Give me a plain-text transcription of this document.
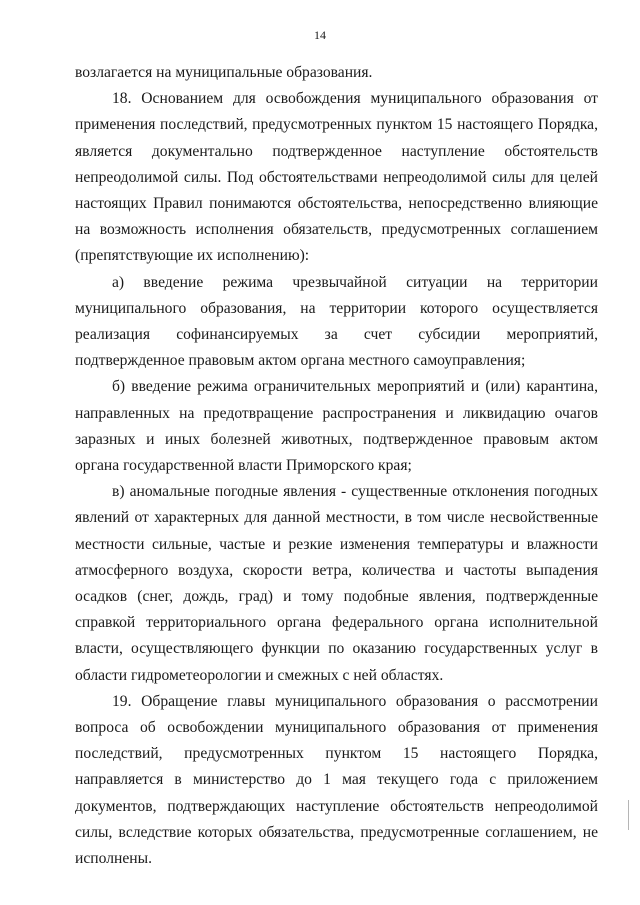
14

возлагается на муниципальные образования.

18. Основанием для освобождения муниципального образования от применения последствий, предусмотренных пунктом 15 настоящего Порядка, является документально подтвержденное наступление обстоятельств непреодолимой силы. Под обстоятельствами непреодолимой силы для целей настоящих Правил понимаются обстоятельства, непосредственно влияющие на возможность исполнения обязательств, предусмотренных соглашением (препятствующие их исполнению):

а) введение режима чрезвычайной ситуации на территории муниципального образования, на территории которого осуществляется реализация софинансируемых за счет субсидии мероприятий, подтвержденное правовым актом органа местного самоуправления;

б) введение режима ограничительных мероприятий и (или) карантина, направленных на предотвращение распространения и ликвидацию очагов заразных и иных болезней животных, подтвержденное правовым актом органа государственной власти Приморского края;

в) аномальные погодные явления - существенные отклонения погодных явлений от характерных для данной местности, в том числе несвойственные местности сильные, частые и резкие изменения температуры и влажности атмосферного воздуха, скорости ветра, количества и частоты выпадения осадков (снег, дождь, град) и тому подобные явления, подтвержденные справкой территориального органа федерального органа исполнительной власти, осуществляющего функции по оказанию государственных услуг в области гидрометеорологии и смежных с ней областях.

19. Обращение главы муниципального образования о рассмотрении вопроса об освобождении муниципального образования от применения последствий, предусмотренных пунктом 15 настоящего Порядка, направляется в министерство до 1 мая текущего года с приложением документов, подтверждающих наступление обстоятельств непреодолимой силы, вследствие которых обязательства, предусмотренные соглашением, не исполнены.
